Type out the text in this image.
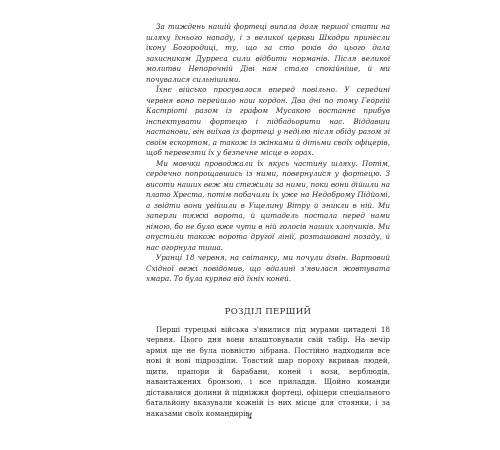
За тиждень нашій фортеці випала доля першої стати на шляху їхнього нападу, і з великої церкви Шкодри принесли ікону Богородиці, ту, що за сто років до цього дала захисникам Дурреса сили відбити норманів. Після великої молитви Непорочній Діві нам стало спокійніше, й ми почувалися сильнішими.

Їхнє військо просувалося вперед повільно. У середині червня воно перейшло наш кордон. Два дні по тому Георгій Кастріоті разом із графом Мусакою востаннє прибув інспектувати фортецю і підбадьорити нас. Віддавши настанови, він виїхав із фортеці у неділю після обіду разом зі своїм ескортом, а також із жінками й дітьми своїх офіцерів, щоб перевезти їх у безпечне місце в горах.

Ми мовчки проводжали їх якусь частину шляху. Потім, сердечно попрощавшись із ними, повернулися у фортецю. З висоти наших веж ми стежили за ними, поки вони дійшли на плато Хреста, потім побачили їх уже на Недоброму Підйомі, а звідти вони увійшли в Ущелину Вітру й зникли в ній. Ми заперли тяжкі ворота, й цитадель постала перед нами німою, бо не було вже чути в ній голосів наших хлопчиків. Ми опустили також ворота другої лінії, розташовані позаду, й нас огорнула тиша.

Уранці 18 червня, на світанку, ми почули дзвін. Вартовий Східної вежі повідомив, що вдалині з'явилася жовтувата хмара. То була курява від їхніх коней.

РОЗДІЛ ПЕРШИЙ

Перші турецькі війська з'явилися під мурами цитаделі 18 червня. Цього дня вони влаштовували свій табір. На вечір армія ще не була повністю зібрана. Постійно надходили все нові й нові підрозділи. Товстий шар пороху вкривав людей, щити, прапори й барабани, коней і вози, верблюдів, навантажених бронзою, і все приладдя. Щойно команди діставалися долини й підніжжя фортеці, офіцери спеціального батальйону вказували кожній із них місце для стоянки, і за наказами своїх командирів

4
